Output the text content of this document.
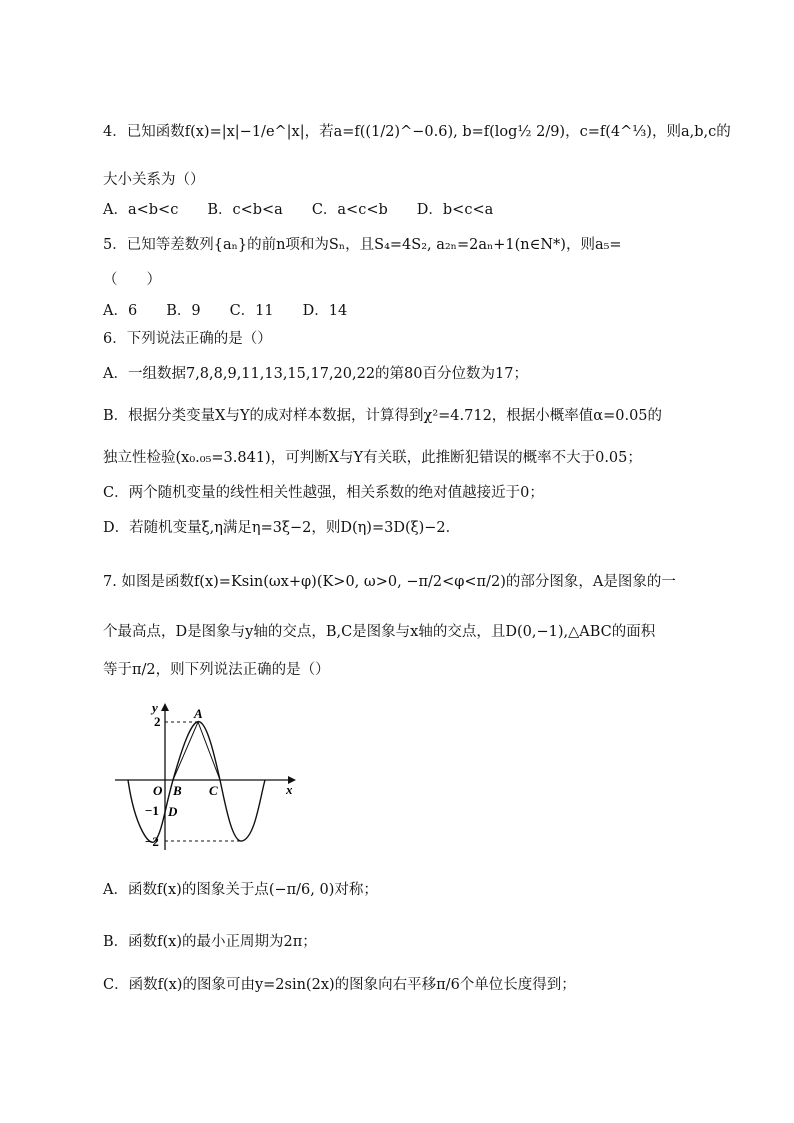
4．已知函数f(x)=|x|−1/e^|x|，若a=f((1/2)^−0.6), b=f(log½ 2/9)，c=f(4^⅓)，则a,b,c的
大小关系为（）
A．a<b<c　　B．c<b<a　　C．a<c<b　　D．b<c<a
5．已知等差数列{aₙ}的前n项和为Sₙ，且S₄=4S₂, a₂ₙ=2aₙ+1(n∈N*)，则a₅=
（　　）
A．6　　B．9　　C．11　　D．14
6．下列说法正确的是（）
A．一组数据7,8,8,9,11,13,15,17,20,22的第80百分位数为17；
B．根据分类变量X与Y的成对样本数据，计算得到χ²=4.712，根据小概率值α=0.05的
独立性检验(x₀.₀₅=3.841)，可判断X与Y有关联，此推断犯错误的概率不大于0.05；
C．两个随机变量的线性相关性越强，相关系数的绝对值越接近于0；
D．若随机变量ξ,η满足η=3ξ−2，则D(η)=3D(ξ)−2．
7. 如图是函数f(x)=Ksin(ωx+φ)(K>0, ω>0, −π/2<φ<π/2)的部分图象，A是图象的一
个最高点，D是图象与y轴的交点，B,C是图象与x轴的交点，且D(0,−1),△ABC的面积
等于π/2，则下列说法正确的是（）
y
x
2
−1
−2
O
A
B C
D
A．函数f(x)的图象关于点(−π/6, 0)对称；
B．函数f(x)的最小正周期为2π；
C．函数f(x)的图象可由y=2sin(2x)的图象向右平移π/6个单位长度得到；
